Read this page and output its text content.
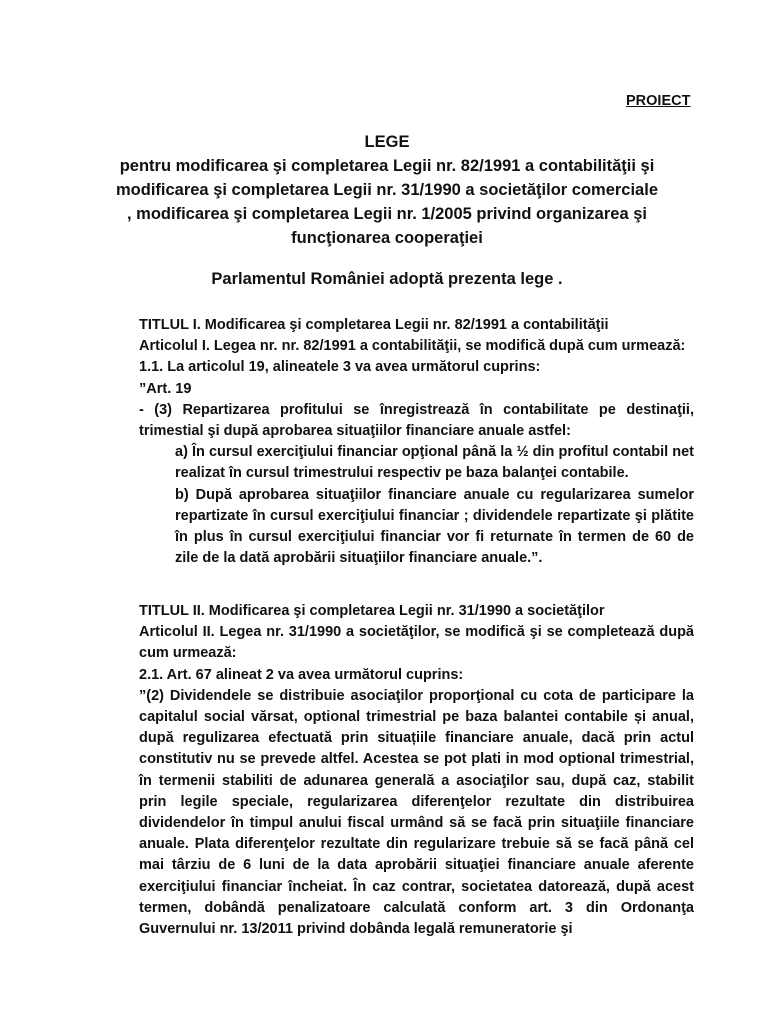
PROIECT
LEGE
pentru modificarea şi completarea Legii nr. 82/1991 a contabilităţii şi
modificarea şi completarea Legii nr. 31/1990 a societăţilor comerciale
, modificarea şi completarea Legii nr. 1/2005 privind organizarea şi
funcţionarea cooperaţiei
Parlamentul României adoptă prezenta lege .

TITLUL I. Modificarea şi completarea Legii nr. 82/1991 a contabilităţii

Articolul I. Legea nr. nr. 82/1991 a contabilităţii, se modifică după cum urmează:

1.1. La articolul 19, alineatele 3 va avea următorul cuprins:

”Art. 19

- (3) Repartizarea profitului se înregistrează în contabilitate pe destinaţii, trimestial şi după aprobarea situaţiilor financiare anuale astfel:

a) În cursul exerciţiului financiar opţional până la ½ din profitul contabil net realizat în cursul trimestrului respectiv pe baza balanţei contabile.

b) După aprobarea situaţiilor financiare anuale cu regularizarea sumelor repartizate în cursul exerciţiului financiar ; dividendele repartizate şi plătite în plus în cursul exerciţiului financiar vor fi returnate în termen de 60 de zile de la dată aprobării situaţiilor financiare anuale.”.

TITLUL II. Modificarea şi completarea Legii nr. 31/1990 a societăţilor

Articolul II. Legea nr. 31/1990 a societăţilor, se modifică şi se completează după cum urmează:

2.1. Art. 67 alineat 2 va avea următorul cuprins:

”(2) Dividendele se distribuie asociaţilor proporţional cu cota de participare la capitalul social vărsat, optional trimestrial pe baza balantei contabile și anual, după regulizarea efectuată prin situațiile financiare anuale, dacă prin actul constitutiv nu se prevede altfel. Acestea se pot plati in mod optional trimestrial, în termenii stabiliti de adunarea generală a asociaţilor sau, după caz, stabilit prin legile speciale, regularizarea diferenţelor rezultate din distribuirea dividendelor în timpul anului fiscal urmând să se facă prin situaţiile financiare anuale. Plata diferenţelor rezultate din regularizare trebuie să se facă până cel mai târziu de 6 luni de la data aprobării situaţiei financiare anuale aferente exerciţiului financiar încheiat. În caz contrar, societatea datorează, după acest termen, dobândă penalizatoare calculată conform art. 3 din Ordonanţa Guvernului nr. 13/2011 privind dobânda legală remuneratorie şi
